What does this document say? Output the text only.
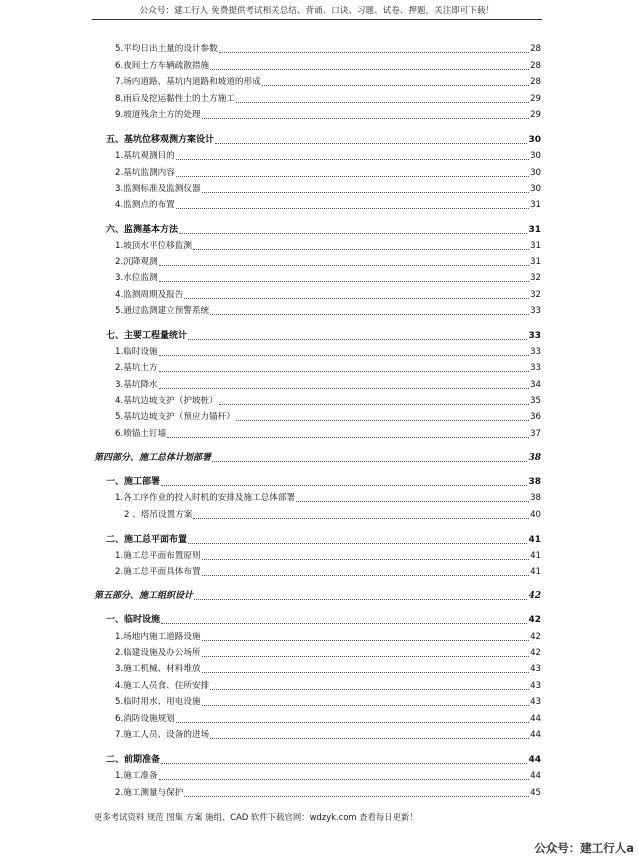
公众号：建工行人 免费提供考试相关总结、背诵、口诀、习题、试卷、押题，关注即可下载！
5.平均日出土量的设计参数	28
6.夜间土方车辆疏散措施	28
7.场内道路、基坑内道路和坡道的形成	28
8.雨后及挖运黏性土的土方施工	29
9.坡道残余土方的处理	29
五、基坑位移观测方案设计	30
1.基坑观测目的	30
2.基坑监测内容	30
3.监测标准及监测仪器	30
4.监测点的布置	31
六、监测基本方法	31
1.坡顶水平位移监测	31
2.沉降观测	31
3.水位监测	32
4.监测周期及报告	32
5.通过监测建立预警系统	33
七、主要工程量统计	33
1.临时设施	33
2.基坑土方	33
3.基坑降水	34
4.基坑边坡支护（护坡桩）	35
5.基坑边坡支护（预应力锚杆）	36
6.喷锚土钉墙	37
第四部分、施工总体计划部署	38
一、施工部署	38
1.各工序作业的投入时机的安排及施工总体部署	38
2 、塔吊设置方案	40
二、施工总平面布置	41
1.施工总平面布置原则	41
2.施工总平面具体布置	41
第五部分、施工组织设计	42
一、临时设施	42
1.场地内施工道路设施	42
2.临建设施及办公场所	42
3.施工机械、材料堆放	43
4.施工人员食、住所安排	43
5.临时用水、用电设施	43
6.消防设施规划	44
7.施工人员、设备的进场	44
二、前期准备	44
1.施工准备	44
2.施工测量与保护	45
更多考试资料 规范 图集 方案 施组、CAD 软件下载官网：wdzyk.com 查看每日更新！
公众号：建工行人a
